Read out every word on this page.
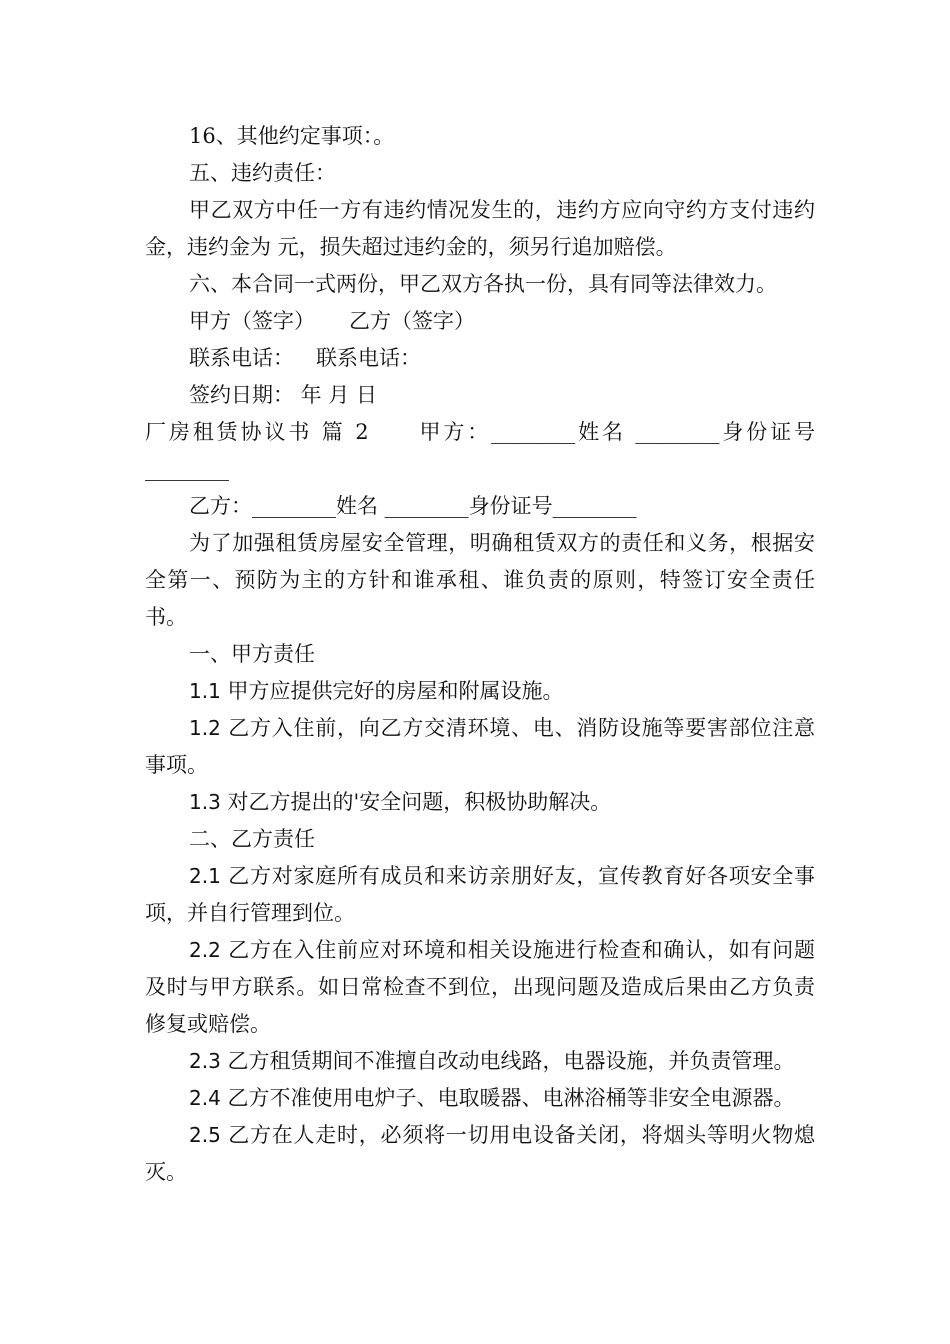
16、其他约定事项：。

五、违约责任：

甲乙双方中任一方有违约情况发生的，违约方应向守约方支付违约金，违约金为 元，损失超过违约金的，须另行追加赔偿。

六、本合同一式两份，甲乙双方各执一份，具有同等法律效力。

甲方（签字） 乙方（签字）

联系电话： 联系电话：

签约日期： 年 月 日

厂房租赁协议书 篇 2 甲方：________姓名 ________身份证号________

乙方：________姓名 ________身份证号________

为了加强租赁房屋安全管理，明确租赁双方的责任和义务，根据安全第一、预防为主的方针和谁承租、谁负责的原则，特签订安全责任书。

一、甲方责任

1.1 甲方应提供完好的房屋和附属设施。

1.2 乙方入住前，向乙方交清环境、电、消防设施等要害部位注意事项。

1.3 对乙方提出的'安全问题，积极协助解决。

二、乙方责任

2.1 乙方对家庭所有成员和来访亲朋好友，宣传教育好各项安全事项，并自行管理到位。

2.2 乙方在入住前应对环境和相关设施进行检查和确认，如有问题及时与甲方联系。如日常检查不到位，出现问题及造成后果由乙方负责修复或赔偿。

2.3 乙方租赁期间不准擅自改动电线路，电器设施，并负责管理。

2.4 乙方不准使用电炉子、电取暖器、电淋浴桶等非安全电源器。

2.5 乙方在人走时，必须将一切用电设备关闭，将烟头等明火物熄灭。
